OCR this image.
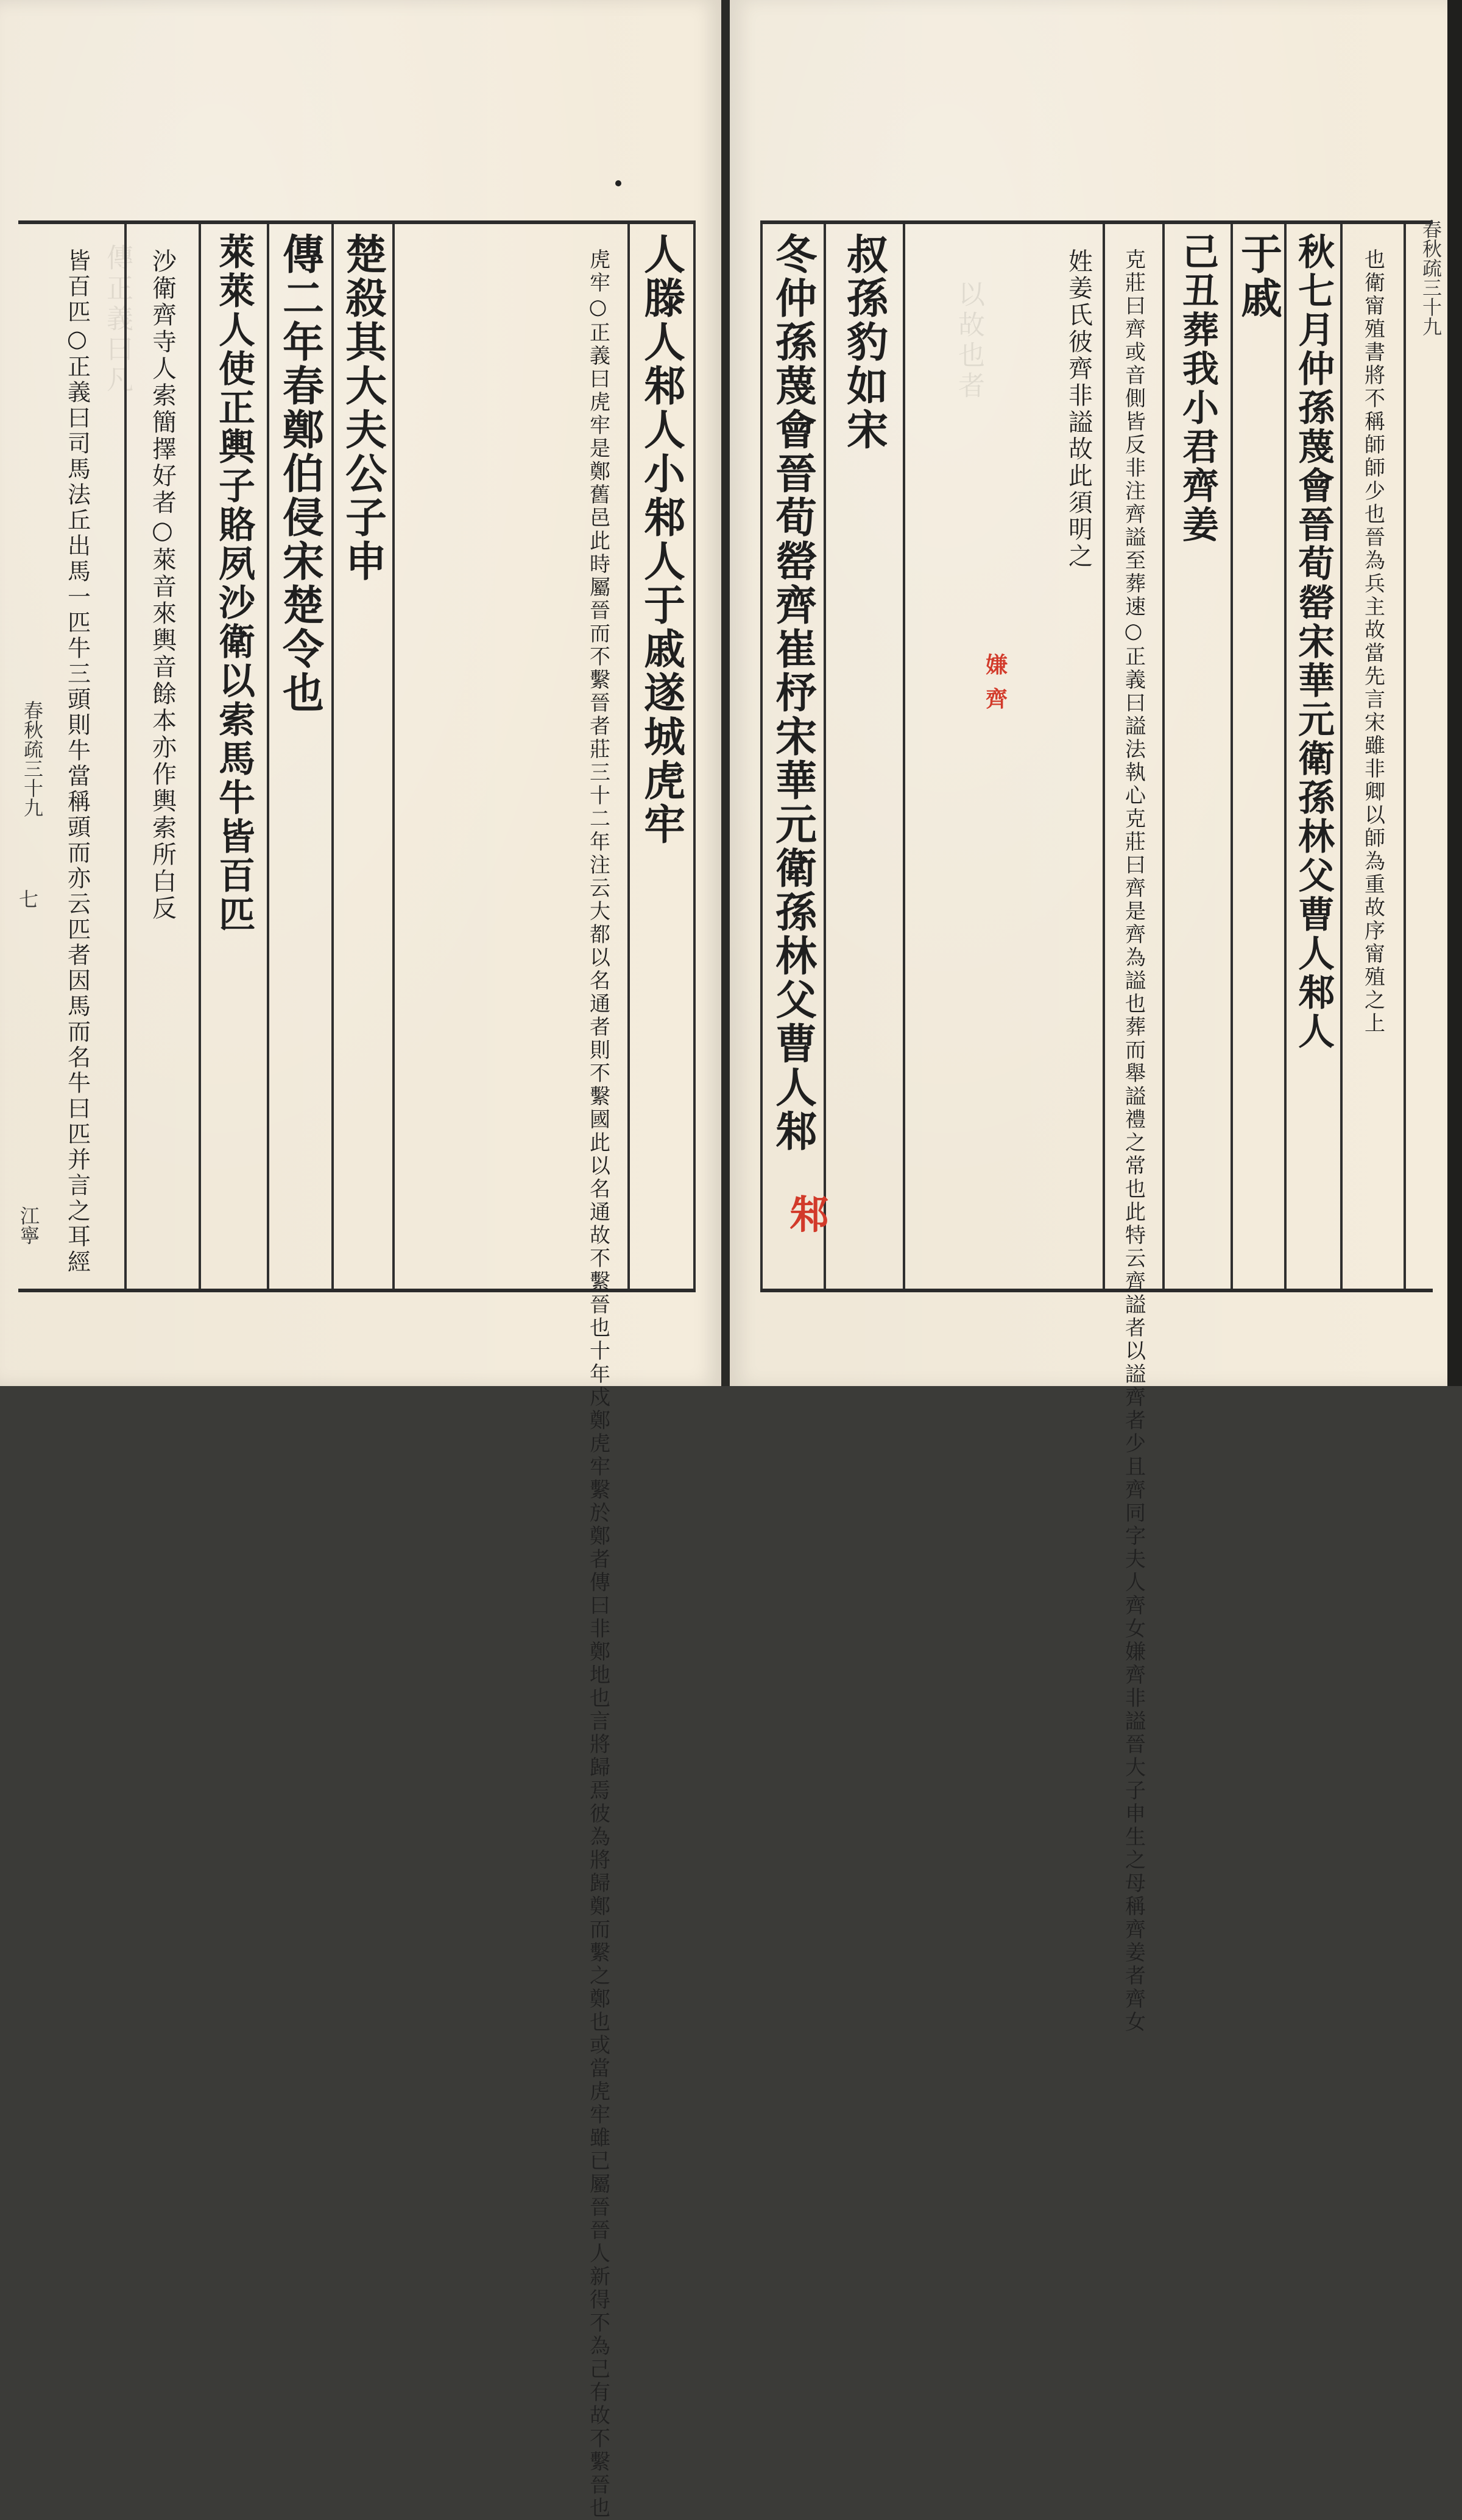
傳正義曰凡	人滕人邾人小邾人于戚遂城虎牢
虎牢○正義曰虎牢是鄭舊邑此時屬晉而不繫晉者莊三十二年注云大都以名通者則不繫國此以名通故不繫晉也十年戍鄭虎牢繫於鄭者傳曰非鄭地也言將歸焉彼為將歸鄭而繫之鄭也或當虎牢雖已屬晉晉人新得不為己有故不繫晉也
楚殺其大夫公子申
傳二年春鄭伯侵宋楚令也
萊萊人使正輿子賂夙沙衛以索馬牛皆百匹
沙衛齊寺人索簡擇好者○萊音來輿音餘本亦作輿索所白反
皆百匹○正義曰司馬法丘出馬一匹牛三頭則牛當稱頭而亦云匹者因馬而名牛曰匹并言之耳經
春秋疏三十九
七
江寧
以故也者	也衛甯殖書將不稱師師少也晉為兵主故當先言宋雖非卿以師為重故序甯殖之上
秋七月仲孫蔑會晉荀罃宋華元衛孫林父曹人邾人
于戚
己丑葬我小君齊姜
克莊曰齊或音側皆反非注齊謚至葬速○正義曰謚法執心克莊曰齊是齊為謚也葬而舉謚禮之常也此特云齊謚者以謚齊者少且齊同字夫人齊女嫌齊非謚晉大子申生之母稱齊姜者齊女
姓姜氏彼齊非謚故此須明之
叔孫豹如宋
冬仲孫蔑會晉荀罃齊崔杼宋華元衛孫林父曹人邾	春秋疏三十九
邾
嫌
齊
